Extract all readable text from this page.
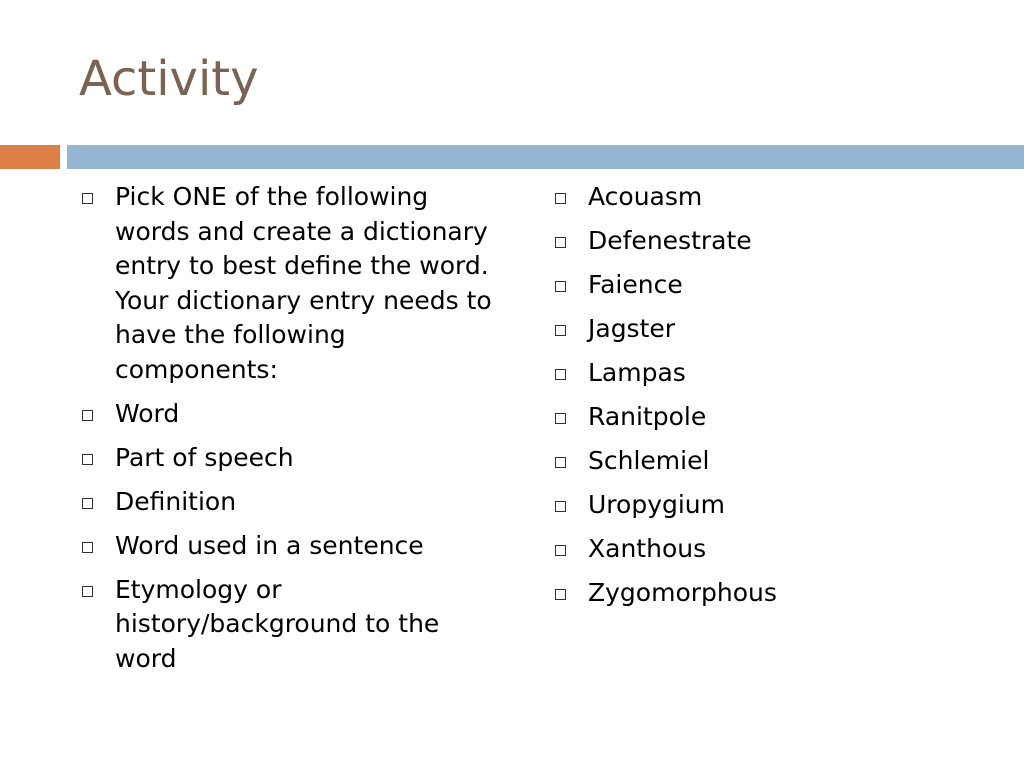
Activity
Pick ONE of the following words and create a dictionary entry to best define the word. Your dictionary entry needs to have the following components:
Word
Part of speech
Definition
Word used in a sentence
Etymology or history/background to the word
Acouasm
Defenestrate
Faience
Jagster
Lampas
Ranitpole
Schlemiel
Uropygium
Xanthous
Zygomorphous
